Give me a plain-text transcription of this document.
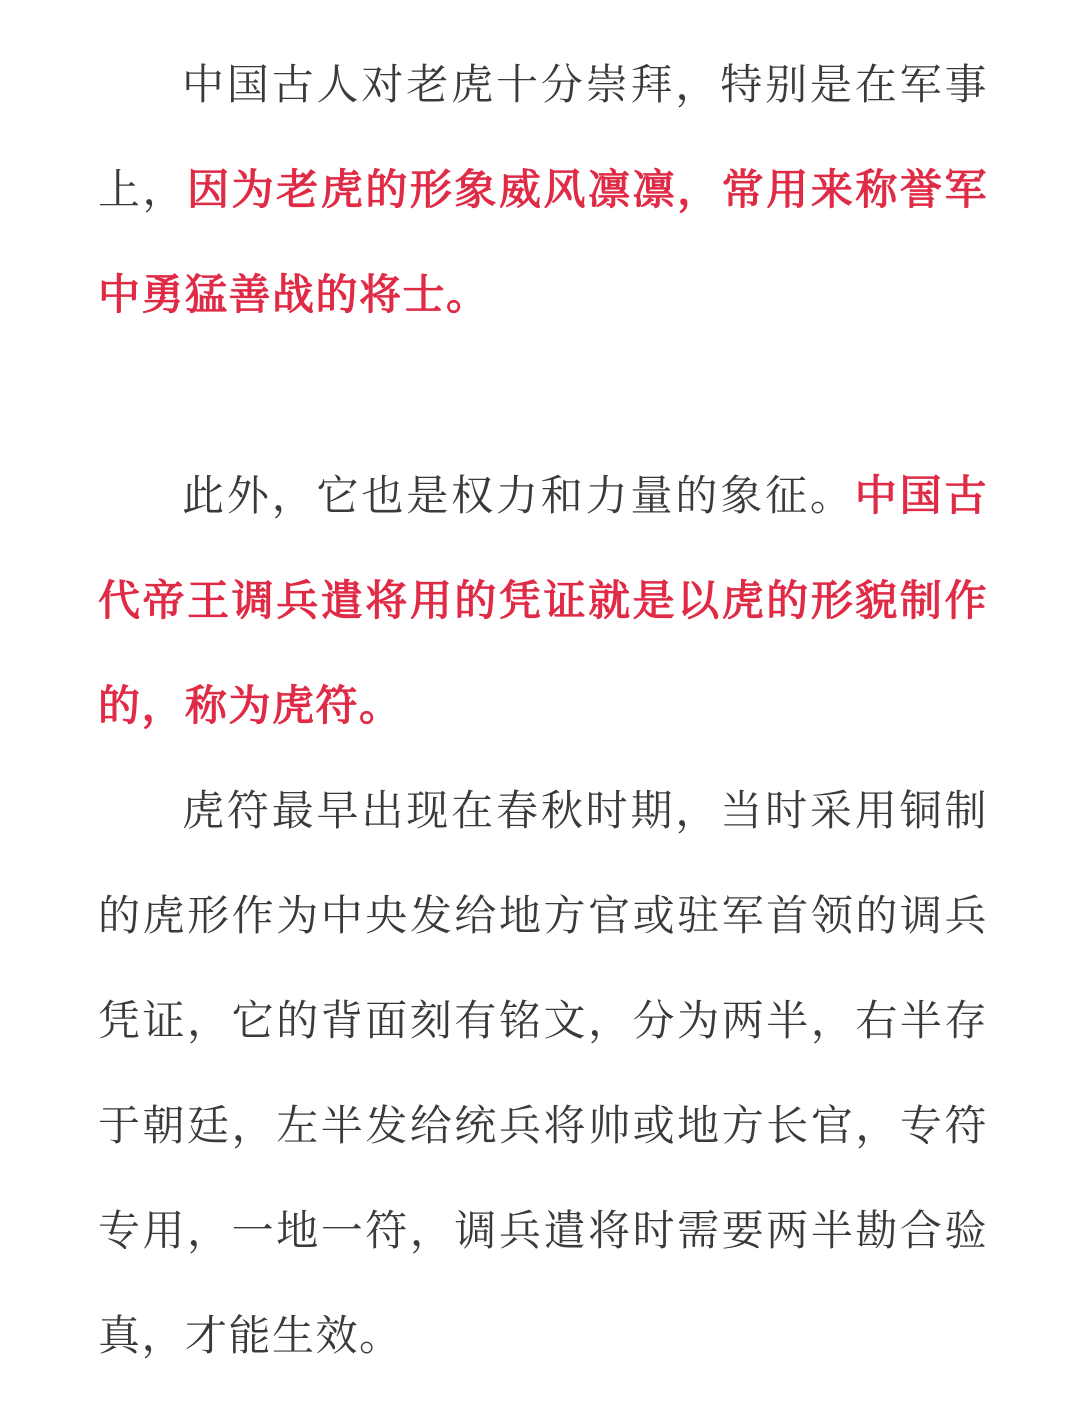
中国古人对老虎十分崇拜，特别是在军事上，因为老虎的形象威风凛凛，常用来称誉军中勇猛善战的将士。

此外，它也是权力和力量的象征。中国古代帝王调兵遣将用的凭证就是以虎的形貌制作的，称为虎符。

虎符最早出现在春秋时期，当时采用铜制的虎形作为中央发给地方官或驻军首领的调兵凭证，它的背面刻有铭文，分为两半，右半存于朝廷，左半发给统兵将帅或地方长官，专符专用，一地一符，调兵遣将时需要两半勘合验真，才能生效。
